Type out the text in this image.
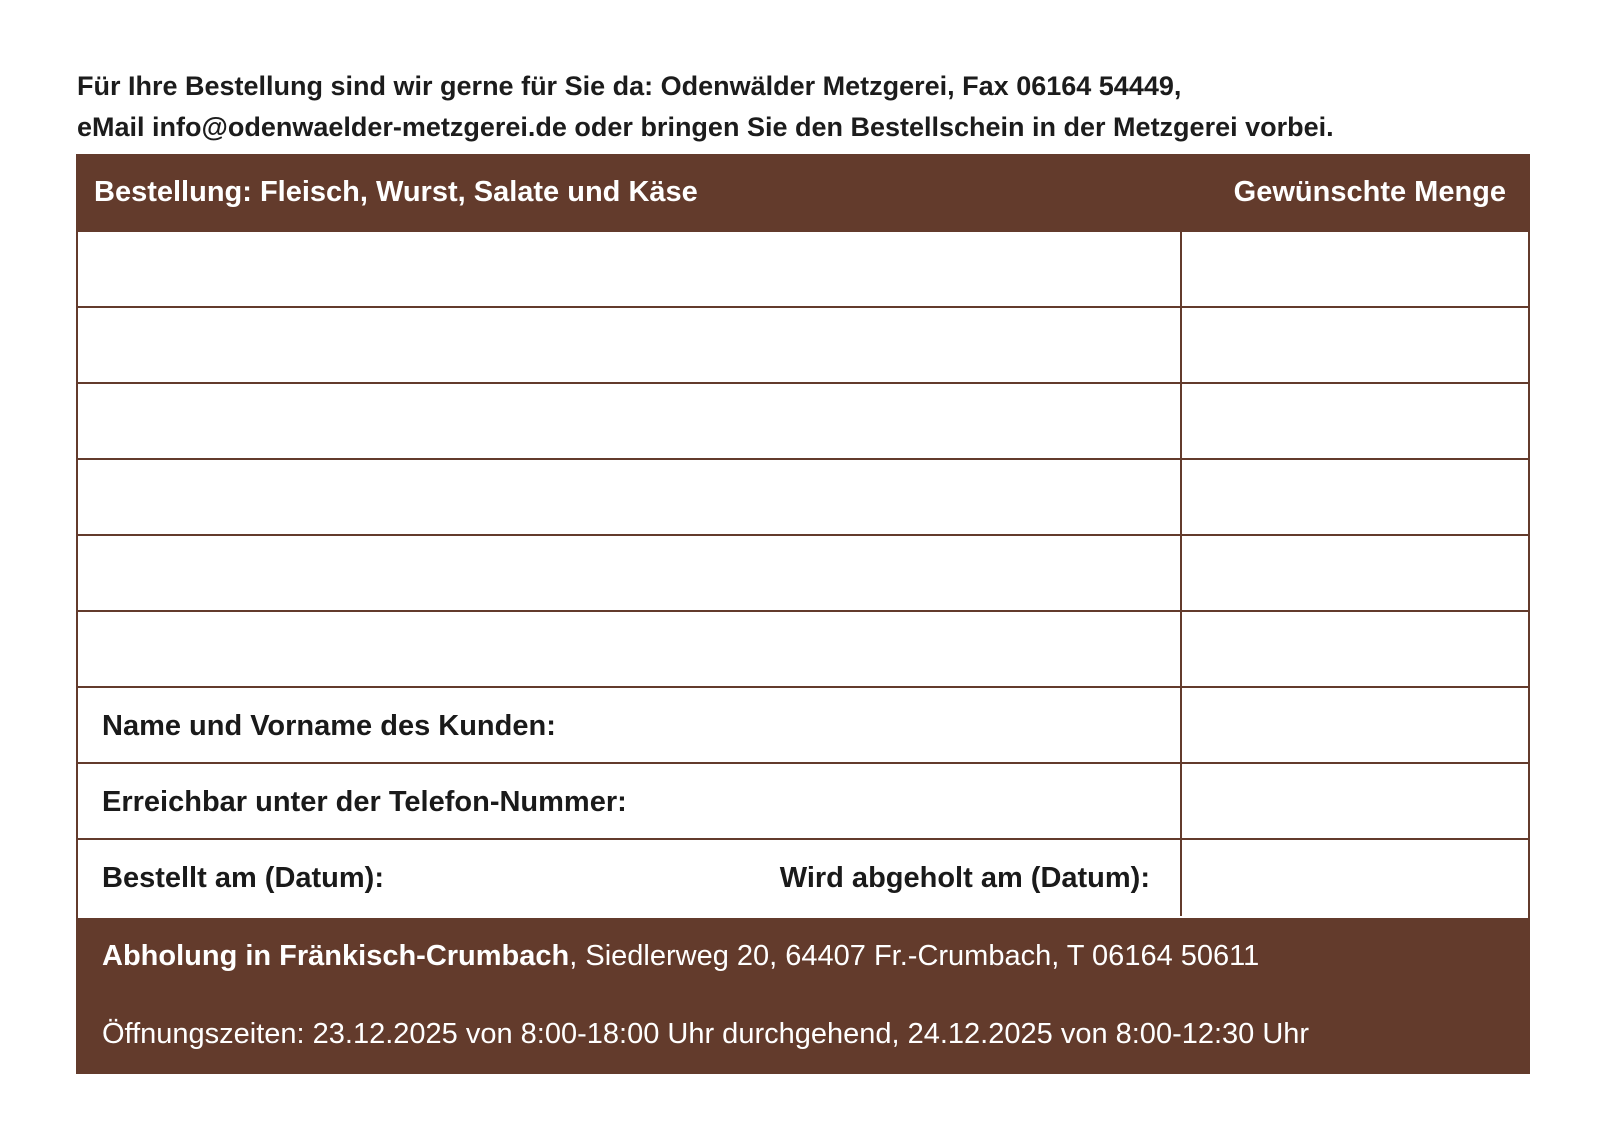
Für Ihre Bestellung sind wir gerne für Sie da: Odenwälder Metzgerei, Fax 06164 54449,
eMail info@odenwaelder-metzgerei.de oder bringen Sie den Bestellschein in der Metzgerei vorbei.
Bestellung: Fleisch, Wurst, Salate und Käse	Gewünschte Menge
Name und Vorname des Kunden:
Erreichbar unter der Telefon-Nummer:
Bestellt am (Datum):	Wird abgeholt am (Datum):
Abholung in Fränkisch-Crumbach, Siedlerweg 20, 64407 Fr.-Crumbach, T 06164 50611
Öffnungszeiten: 23.12.2025 von 8:00-18:00 Uhr durchgehend, 24.12.2025 von 8:00-12:30 Uhr
